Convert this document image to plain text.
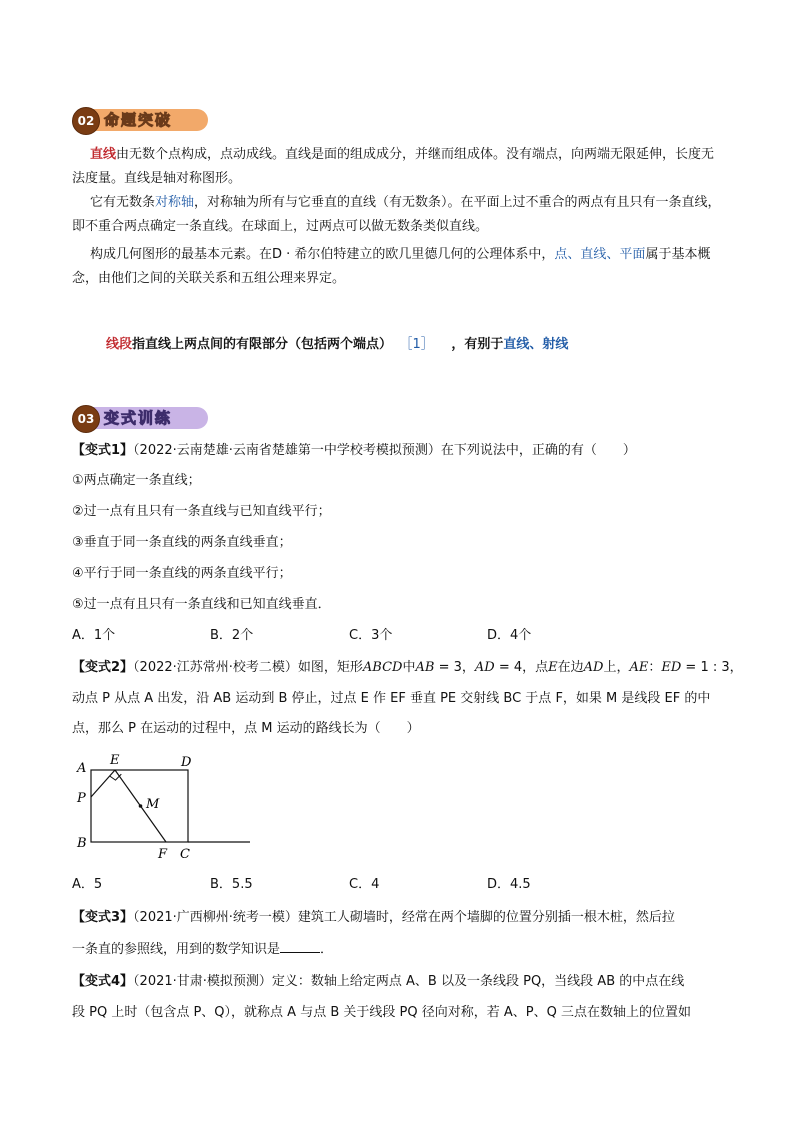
命题突破
02

直线由无数个点构成，点动成线。直线是面的组成成分，并继而组成体。没有端点，向两端无限延伸，长度无法度量。直线是轴对称图形。

它有无数条对称轴，对称轴为所有与它垂直的直线（有无数条）。在平面上过不重合的两点有且只有一条直线，即不重合两点确定一条直线。在球面上，过两点可以做无数条类似直线。

构成几何图形的最基本元素。在D · 希尔伯特建立的欧几里德几何的公理体系中，点、直线、平面属于基本概念，由他们之间的关联关系和五组公理来界定。

线段指直线上两点间的有限部分（包括两个端点） ［1］ ，有别于直线、射线
变式训练
03
【变式1】（2022·云南楚雄·云南省楚雄第一中学校考模拟预测）在下列说法中，正确的有（　　）
①两点确定一条直线；
②过一点有且只有一条直线与已知直线平行；
③垂直于同一条直线的两条直线垂直；
④平行于同一条直线的两条直线平行；
⑤过一点有且只有一条直线和已知直线垂直．
A．1个	B．2个	C．3个	D．4个
【变式2】（2022·江苏常州·校考二模）如图，矩形ABCD中AB = 3，AD = 4，点E在边AD上，AE：ED = 1 : 3，
动点 P 从点 A 出发，沿 AB 运动到 B 停止，过点 E 作 EF 垂直 PE 交射线 BC 于点 F，如果 M 是线段 EF 的中
点，那么 P 在运动的过程中，点 M 运动的路线长为（　　）
A
E	D
P	M
B
F C
A．5	B．5.5	C．4	D．4.5
【变式3】（2021·广西柳州·统考一模）建筑工人砌墙时，经常在两个墙脚的位置分别插一根木桩，然后拉
一条直的参照线，用到的数学知识是	．
【变式4】（2021·甘肃·模拟预测）定义：数轴上给定两点 A、B 以及一条线段 PQ，当线段 AB 的中点在线
段 PQ 上时（包含点 P、Q），就称点 A 与点 B 关于线段 PQ 径向对称，若 A、P、Q 三点在数轴上的位置如
